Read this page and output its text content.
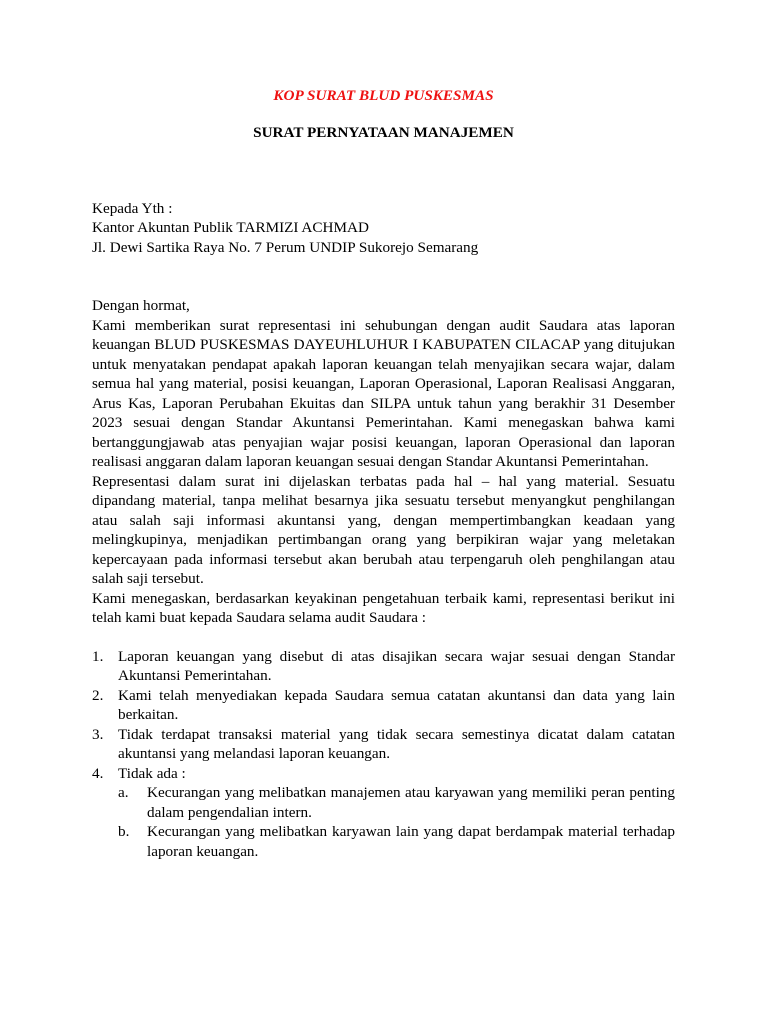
KOP SURAT BLUD PUSKESMAS
SURAT PERNYATAAN MANAJEMEN
Kepada Yth :
Kantor Akuntan Publik TARMIZI ACHMAD
Jl. Dewi Sartika Raya No. 7 Perum UNDIP Sukorejo Semarang
Dengan hormat,

Kami memberikan surat representasi ini sehubungan dengan audit Saudara atas laporan keuangan BLUD PUSKESMAS DAYEUHLUHUR I KABUPATEN CILACAP yang ditujukan untuk menyatakan pendapat apakah laporan keuangan telah menyajikan secara wajar, dalam semua hal yang material, posisi keuangan, Laporan Operasional, Laporan Realisasi Anggaran, Arus Kas, Laporan Perubahan Ekuitas dan SILPA untuk tahun yang berakhir 31 Desember 2023 sesuai dengan Standar Akuntansi Pemerintahan. Kami menegaskan bahwa kami bertanggungjawab atas penyajian wajar posisi keuangan, laporan Operasional dan laporan realisasi anggaran dalam laporan keuangan sesuai dengan Standar Akuntansi Pemerintahan.

Representasi dalam surat ini dijelaskan terbatas pada hal – hal yang material. Sesuatu dipandang material, tanpa melihat besarnya jika sesuatu tersebut menyangkut penghilangan atau salah saji informasi akuntansi yang, dengan mempertimbangkan keadaan yang melingkupinya, menjadikan pertimbangan orang yang berpikiran wajar yang meletakan kepercayaan pada informasi tersebut akan berubah atau terpengaruh oleh penghilangan atau salah saji tersebut.

Kami menegaskan, berdasarkan keyakinan pengetahuan terbaik kami, representasi berikut ini telah kami buat kepada Saudara selama audit Saudara :

1. Laporan keuangan yang disebut di atas disajikan secara wajar sesuai dengan Standar Akuntansi Pemerintahan.
2. Kami telah menyediakan kepada Saudara semua catatan akuntansi dan data yang lain berkaitan.
3. Tidak terdapat transaksi material yang tidak secara semestinya dicatat dalam catatan akuntansi yang melandasi laporan keuangan.
4. Tidak ada :
a. Kecurangan yang melibatkan manajemen atau karyawan yang memiliki peran penting dalam pengendalian intern.
b. Kecurangan yang melibatkan karyawan lain yang dapat berdampak material terhadap laporan keuangan.
